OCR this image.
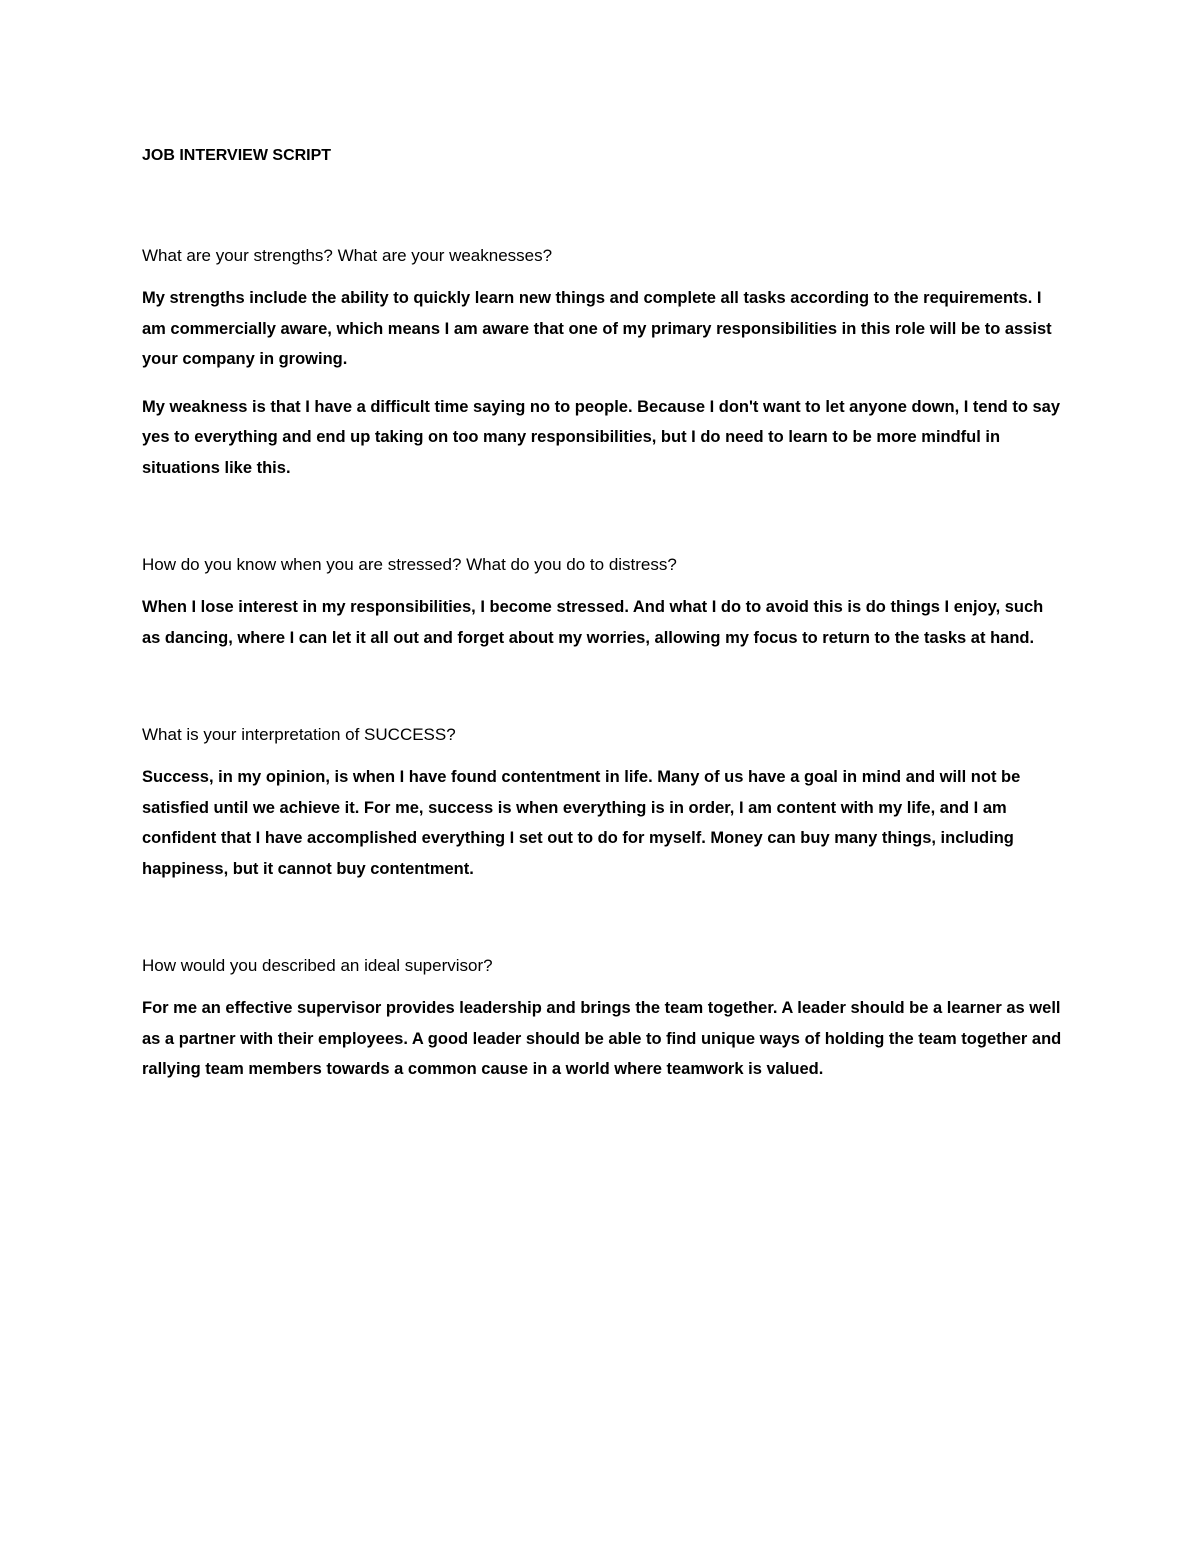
JOB INTERVIEW SCRIPT

What are your strengths? What are your weaknesses?

My strengths include the ability to quickly learn new things and complete all tasks according to the requirements. I am commercially aware, which means I am aware that one of my primary responsibilities in this role will be to assist your company in growing.

My weakness is that I have a difficult time saying no to people. Because I don't want to let anyone down, I tend to say yes to everything and end up taking on too many responsibilities, but I do need to learn to be more mindful in situations like this.

How do you know when you are stressed? What do you do to distress?

When I lose interest in my responsibilities, I become stressed. And what I do to avoid this is do things I enjoy, such as dancing, where I can let it all out and forget about my worries, allowing my focus to return to the tasks at hand.

What is your interpretation of SUCCESS?

Success, in my opinion, is when I have found contentment in life. Many of us have a goal in mind and will not be satisfied until we achieve it. For me, success is when everything is in order, I am content with my life, and I am confident that I have accomplished everything I set out to do for myself. Money can buy many things, including happiness, but it cannot buy contentment.

How would you described an ideal supervisor?

For me an effective supervisor provides leadership and brings the team together. A leader should be a learner as well as a partner with their employees. A good leader should be able to find unique ways of holding the team together and rallying team members towards a common cause in a world where teamwork is valued.
